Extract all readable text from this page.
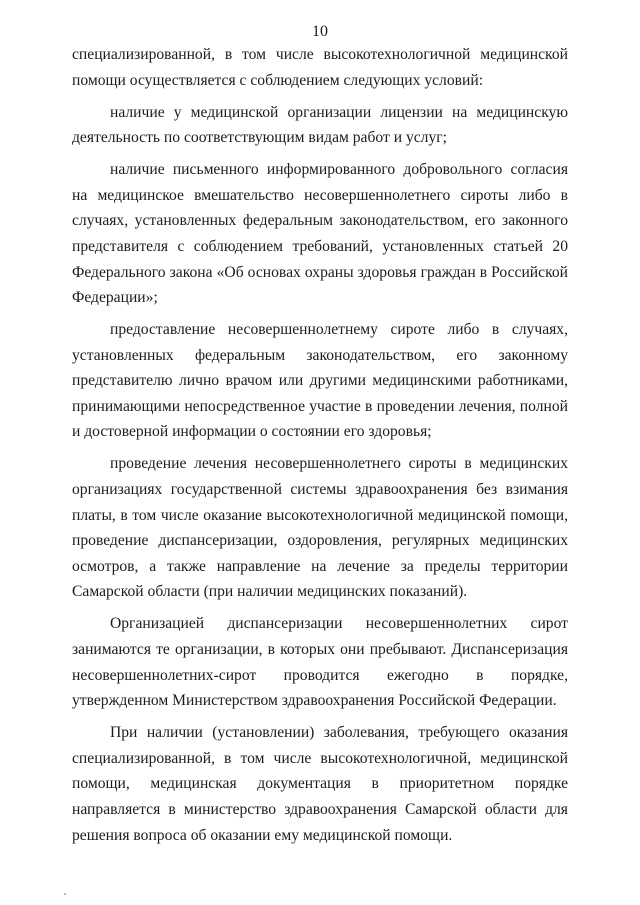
10

специализированной, в том числе высокотехнологичной медицинской помощи осуществляется с соблюдением следующих условий:

наличие у медицинской организации лицензии на медицинскую деятельность по соответствующим видам работ и услуг;

наличие письменного информированного добровольного согласия на медицинское вмешательство несовершеннолетнего сироты либо в случаях, установленных федеральным законодательством, его законного представителя с соблюдением требований, установленных статьей 20 Федерального закона «Об основах охраны здоровья граждан в Российской Федерации»;

предоставление несовершеннолетнему сироте либо в случаях, установленных федеральным законодательством, его законному представителю лично врачом или другими медицинскими работниками, принимающими непосредственное участие в проведении лечения, полной и достоверной информации о состоянии его здоровья;

проведение лечения несовершеннолетнего сироты в медицинских организациях государственной системы здравоохранения без взимания платы, в том числе оказание высокотехнологичной медицинской помощи, проведение диспансеризации, оздоровления, регулярных медицинских осмотров, а также направление на лечение за пределы территории Самарской области (при наличии медицинских показаний).

Организацией диспансеризации несовершеннолетних сирот занимаются те организации, в которых они пребывают. Диспансеризация несовершеннолетних-сирот проводится ежегодно в порядке, утвержденном Министерством здравоохранения Российской Федерации.

При наличии (установлении) заболевания, требующего оказания специализированной, в том числе высокотехнологичной, медицинской помощи, медицинская документация в приоритетном порядке направляется в министерство здравоохранения Самарской области для решения вопроса об оказании ему медицинской помощи.
